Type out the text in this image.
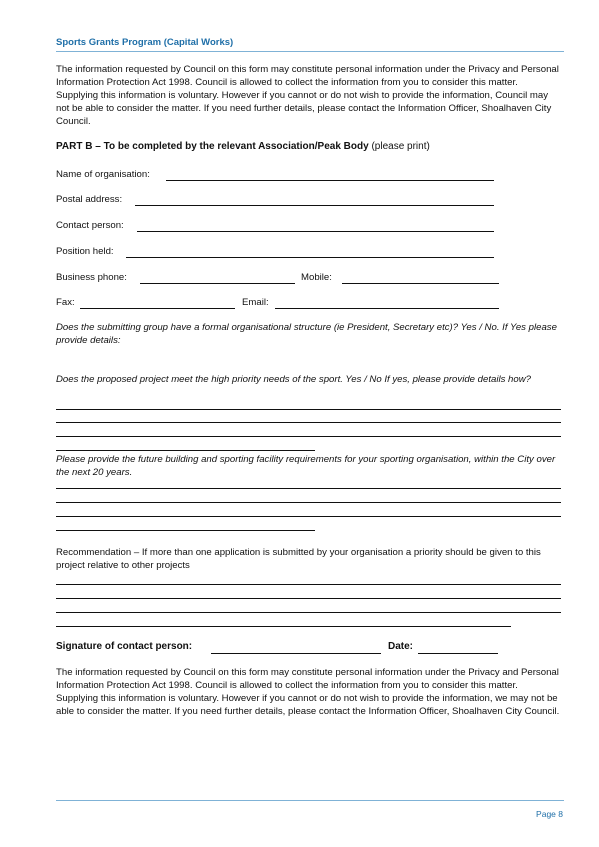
Sports Grants Program (Capital Works)
The information requested by Council on this form may constitute personal information under the Privacy and Personal Information Protection Act 1998. Council is allowed to collect the information from you to consider this matter. Supplying this information is voluntary. However if you cannot or do not wish to provide the information, Council may not be able to consider the matter. If you need further details, please contact the Information Officer, Shoalhaven City Council.
PART B – To be completed by the relevant Association/Peak Body (please print)
Name of organisation:
Postal address:
Contact person:
Position held:
Business phone:	Mobile:
Fax:	Email:
Does the submitting group have a formal organisational structure (ie President, Secretary etc)? Yes / No. If Yes please provide details:
Does the proposed project meet the high priority needs of the sport. Yes / No If yes, please provide details how?
Please provide the future building and sporting facility requirements for your sporting organisation, within the City over the next 20 years.
Recommendation – If more than one application is submitted by your organisation a priority should be given to this project relative to other projects
Signature of contact person:	Date:
The information requested by Council on this form may constitute personal information under the Privacy and Personal Information Protection Act 1998. Council is allowed to collect the information from you to consider this matter. Supplying this information is voluntary. However if you cannot or do not wish to provide the information, we may not be able to consider the matter. If you need further details, please contact the Information Officer, Shoalhaven City Council.
Page 8
